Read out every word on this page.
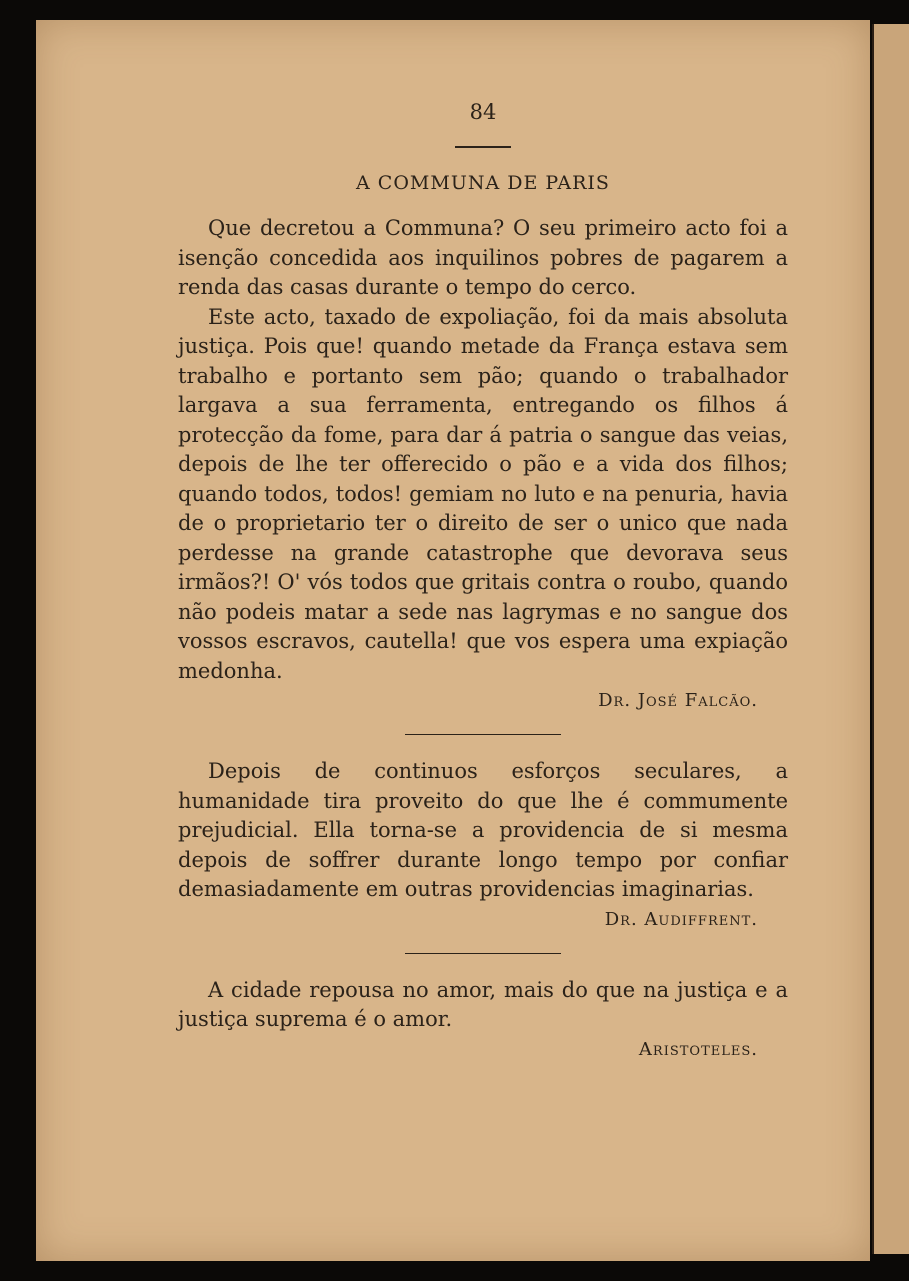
84

A COMMUNA DE PARIS

Que decretou a Communa? O seu primeiro acto foi a isenção concedida aos inquilinos pobres de pagarem a renda das casas durante o tempo do cerco.

Este acto, taxado de expoliação, foi da mais absoluta justiça. Pois que! quando metade da França estava sem trabalho e portanto sem pão; quando o trabalhador largava a sua ferramenta, entregando os filhos á protecção da fome, para dar á patria o sangue das veias, depois de lhe ter offerecido o pão e a vida dos filhos; quando todos, todos! gemiam no luto e na penuria, havia de o proprietario ter o direito de ser o unico que nada perdesse na grande catastrophe que devorava seus irmãos?! O' vós todos que gritais contra o roubo, quando não podeis matar a sede nas lagrymas e no sangue dos vossos escravos, cautella! que vos espera uma expiação medonha.

Dr. José Falcão.

Depois de continuos esforços seculares, a humanidade tira proveito do que lhe é commumente prejudicial. Ella torna-se a providencia de si mesma depois de soffrer durante longo tempo por confiar demasiadamente em outras providencias imaginarias.

Dr. Audiffrent.

A cidade repousa no amor, mais do que na justiça e a justiça suprema é o amor.

Aristoteles.
